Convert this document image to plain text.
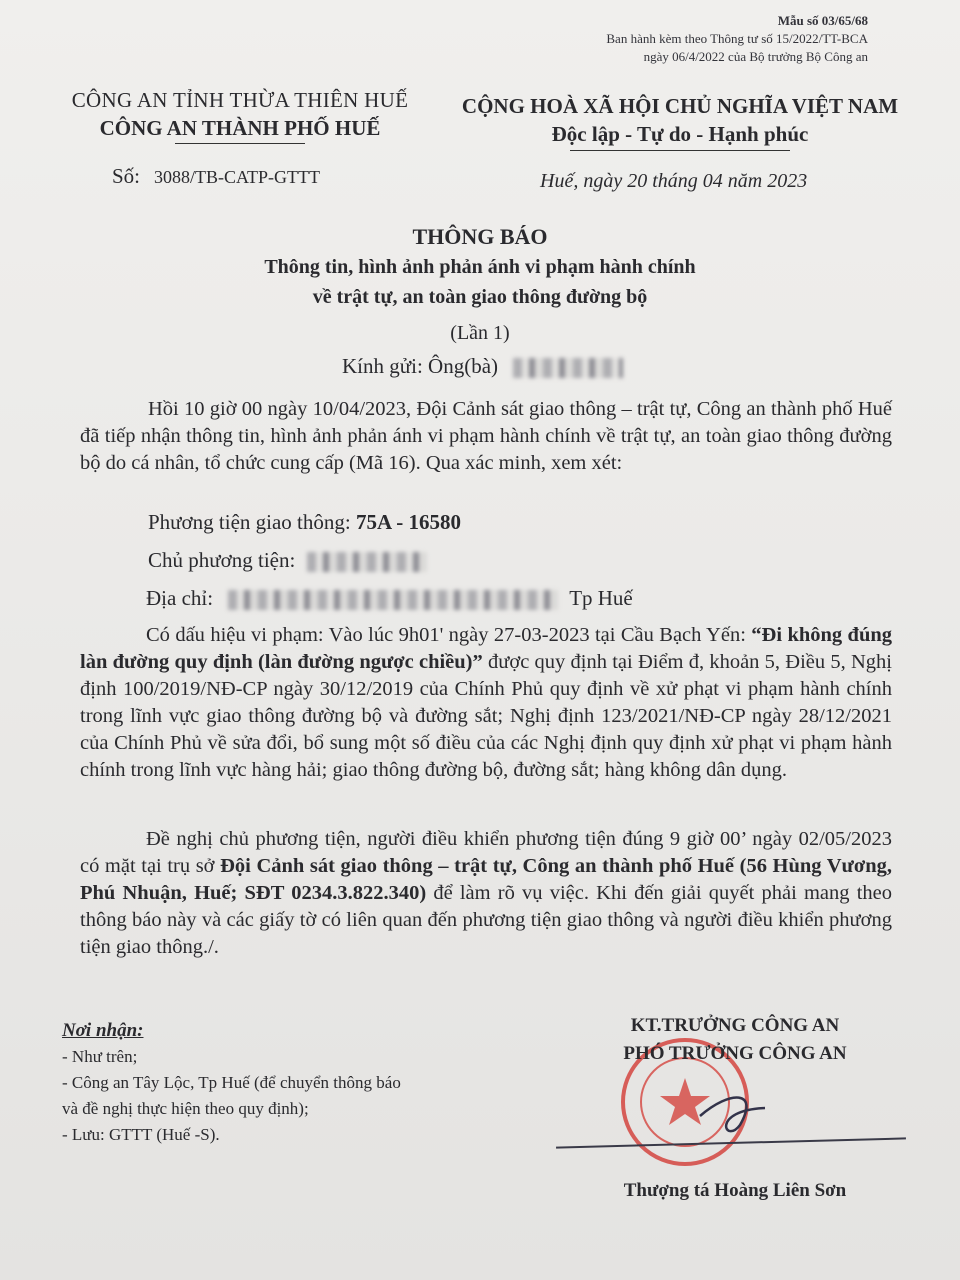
Mẫu số 03/65/68
Ban hành kèm theo Thông tư số 15/2022/TT-BCA
ngày 06/4/2022 của Bộ trưởng Bộ Công an
CÔNG AN TỈNH THỪA THIÊN HUẾ
CÔNG AN THÀNH PHỐ HUẾ
CỘNG HOÀ XÃ HỘI CHỦ NGHĨA VIỆT NAM
Độc lập - Tự do - Hạnh phúc
Số: 3088/TB-CATP-GTTT	Huế, ngày 20 tháng 04 năm 2023
THÔNG BÁO
Thông tin, hình ảnh phản ánh vi phạm hành chính
về trật tự, an toàn giao thông đường bộ
(Lần 1)
Kính gửi: Ông(bà)
Hồi 10 giờ 00 ngày 10/04/2023, Đội Cảnh sát giao thông – trật tự, Công an thành phố Huế đã tiếp nhận thông tin, hình ảnh phản ánh vi phạm hành chính về trật tự, an toàn giao thông đường bộ do cá nhân, tổ chức cung cấp (Mã 16). Qua xác minh, xem xét:
Phương tiện giao thông: 75A - 16580
Chủ phương tiện:
Địa chỉ:	Tp Huế
Có dấu hiệu vi phạm: Vào lúc 9h01' ngày 27-03-2023 tại Cầu Bạch Yến: “Đi không đúng làn đường quy định (làn đường ngược chiều)” được quy định tại Điểm đ, khoản 5, Điều 5, Nghị định 100/2019/NĐ-CP ngày 30/12/2019 của Chính Phủ quy định về xử phạt vi phạm hành chính trong lĩnh vực giao thông đường bộ và đường sắt; Nghị định 123/2021/NĐ-CP ngày 28/12/2021 của Chính Phủ về sửa đổi, bổ sung một số điều của các Nghị định quy định xử phạt vi phạm hành chính trong lĩnh vực hàng hải; giao thông đường bộ, đường sắt; hàng không dân dụng.
Đề nghị chủ phương tiện, người điều khiển phương tiện đúng 9 giờ 00’ ngày 02/05/2023 có mặt tại trụ sở Đội Cảnh sát giao thông – trật tự, Công an thành phố Huế (56 Hùng Vương, Phú Nhuận, Huế; SĐT 0234.3.822.340) để làm rõ vụ việc. Khi đến giải quyết phải mang theo thông báo này và các giấy tờ có liên quan đến phương tiện giao thông và người điều khiển phương tiện giao thông./.
Nơi nhận:
- Như trên;
- Công an Tây Lộc, Tp Huế (để chuyển thông báo
và đề nghị thực hiện theo quy định);
- Lưu: GTTT (Huế -S).
KT.TRƯỞNG CÔNG AN
PHÓ TRƯỞNG CÔNG AN
Thượng tá Hoàng Liên Sơn
